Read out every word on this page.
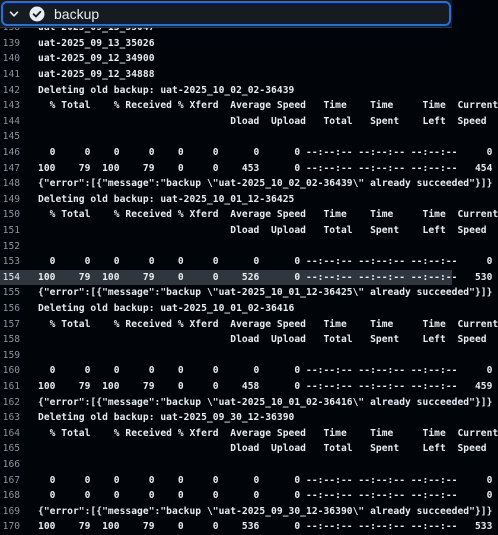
139 uat-2025_09_13_35026
140 uat-2025_09_12_34900
141 uat-2025_09_12_34888
142 Deleting old backup: uat-2025_10_02_02-36439
143 % Total    % Received % Xferd  Average Speed   Time    Time     Time  Current
144 Dload  Upload   Total   Spent    Left  Speed
145
146 0     0    0     0    0     0      0      0 --:--:-- --:--:-- --:--:--     0
147 100    79  100    79    0     0    453      0 --:--:-- --:--:-- --:--:--   454
148 {"error":[{"message":"backup \"uat-2025_10_02_02-36439\" already succeeded"}]}
149 Deleting old backup: uat-2025_10_01_12-36425
150 % Total    % Received % Xferd  Average Speed   Time    Time     Time  Current
151 Dload  Upload   Total   Spent    Left  Speed
152
153 0     0    0     0    0     0      0      0 --:--:-- --:--:-- --:--:--     0
154 100    79  100    79    0     0    526      0 --:--:-- --:--:-- --:--:--   530
155 {"error":[{"message":"backup \"uat-2025_10_01_12-36425\" already succeeded"}]}
156 Deleting old backup: uat-2025_10_01_02-36416
157 % Total    % Received % Xferd  Average Speed   Time    Time     Time  Current
158 Dload  Upload   Total   Spent    Left  Speed
159
160 0     0    0     0    0     0      0      0 --:--:-- --:--:-- --:--:--     0
161 100    79  100    79    0     0    458      0 --:--:-- --:--:-- --:--:--   459
162 {"error":[{"message":"backup \"uat-2025_10_01_02-36416\" already succeeded"}]}
163 Deleting old backup: uat-2025_09_30_12-36390
164 % Total    % Received % Xferd  Average Speed   Time    Time     Time  Current
165 Dload  Upload   Total   Spent    Left  Speed
166
167 0     0    0     0    0     0      0      0 --:--:-- --:--:-- --:--:--     0
168 0     0    0     0    0     0      0      0 --:--:-- --:--:-- --:--:--     0
169 {"error":[{"message":"backup \"uat-2025_09_30_12-36390\" already succeeded"}]}
170 100    79  100    79    0     0    536      0 --:--:-- --:--:-- --:--:--   533
backup
